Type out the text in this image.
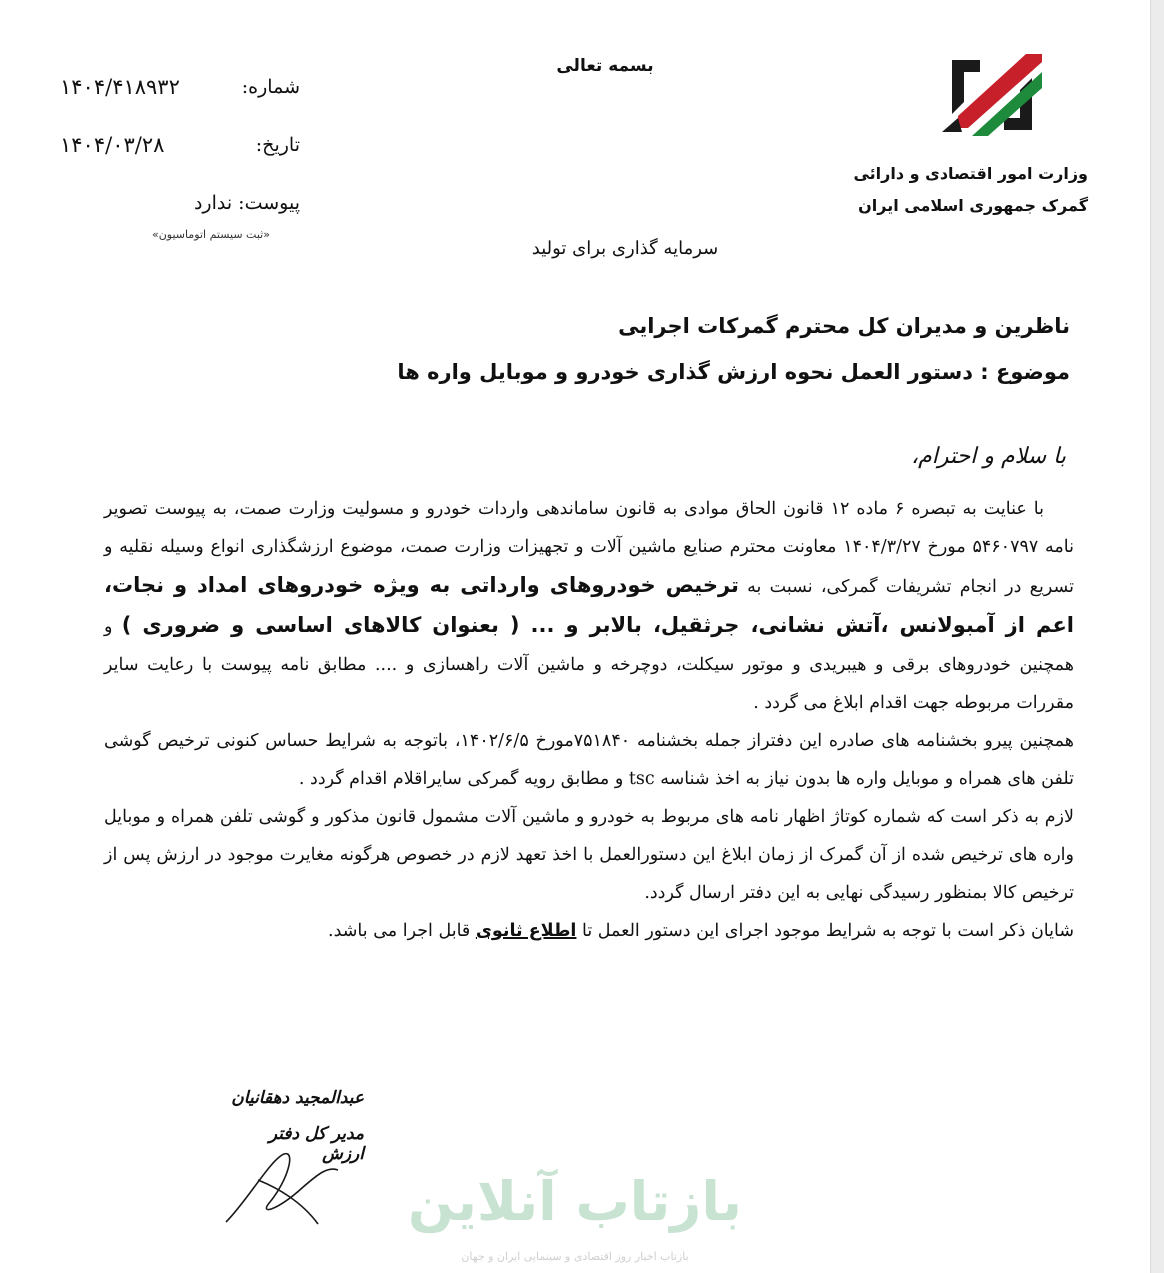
وزارت امور اقتصادی و دارائی
گمرک جمهوری اسلامی ایران
بسمه تعالی
۱۴۰۴/۴۱۸۹۳۲	شماره:
۱۴۰۴/۰۳/۲۸	تاریخ:
پیوست: ندارد
«ثبت سیستم اتوماسیون»
سرمایه گذاری برای تولید
ناظرین و مدیران کل محترم گمرکات اجرایی
موضوع : دستور العمل نحوه ارزش گذاری خودرو و موبایل واره ها
با سلام و احترام،

با عنایت به تبصره ۶ ماده ۱۲ قانون الحاق موادی به قانون ساماندهی واردات خودرو و مسولیت وزارت صمت، به پیوست تصویر نامه ۵۴۶۰۷۹۷ مورخ ۱۴۰۴/۳/۲۷ معاونت محترم صنایع ماشین آلات و تجهیزات وزارت صمت، موضوع ارزشگذاری انواع وسیله نقلیه و تسریع در انجام تشریفات گمرکی، نسبت به ترخیص خودروهای وارداتی به ویژه خودروهای امداد و نجات، اعم از آمبولانس ،آتش نشانی، جرثقیل، بالابر و ... ( بعنوان کالاهای اساسی و ضروری ) و همچنین خودروهای برقی و هیبریدی و موتور سیکلت، دوچرخه و ماشین آلات راهسازی و .... مطابق نامه پیوست با رعایت سایر مقررات مربوطه جهت اقدام ابلاغ می گردد .

همچنین پیرو بخشنامه های صادره این دفتراز جمله بخشنامه ۷۵۱۸۴۰مورخ ۱۴۰۲/۶/۵، باتوجه به شرایط حساس کنونی ترخیص گوشی تلفن های همراه و موبایل واره ها بدون نیاز به اخذ شناسه tsc و مطابق رویه گمرکی سایراقلام اقدام گردد .

لازم به ذکر است که شماره کوتاژ اظهار نامه های مربوط به خودرو و ماشین آلات مشمول قانون مذکور و گوشی تلفن همراه و موبایل واره های ترخیص شده از آن گمرک از زمان ابلاغ این دستورالعمل با اخذ تعهد لازم در خصوص هرگونه مغایرت موجود در ارزش پس از ترخیص کالا بمنظور رسیدگی نهایی به این دفتر ارسال گردد.

شایان ذکر است با توجه به شرایط موجود اجرای این دستور العمل تا اطلاع ثانوی قابل اجرا می باشد.

عبدالمجید دهقانیان
مدیر کل دفتر ارزش
بازتاب آنلاین
بازتاب اخبار روز اقتصادی و سینمایی ایران و جهان
